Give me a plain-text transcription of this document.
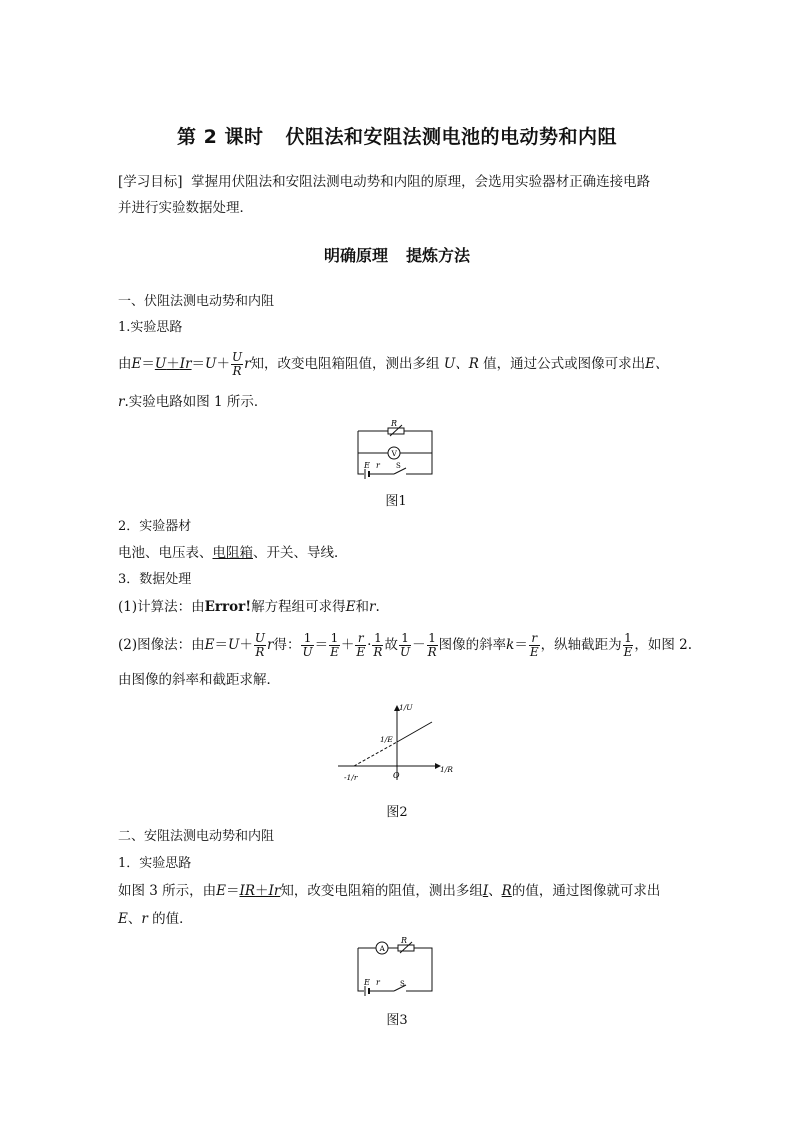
第 2 课时 伏阻法和安阻法测电池的电动势和内阻
[学习目标] 掌握用伏阻法和安阻法测电动势和内阻的原理，会选用实验器材正确连接电路
并进行实验数据处理．
明确原理 提炼方法
一、伏阻法测电动势和内阻
1.实验思路
由$E=U+Ir=U+ \frac{U}{R}$ r知，改变电阻箱阻值，测出多组 U、R 值，通过公式或图像可求出E、
r.实验电路如图 1 所示．
R
V
E r S
图1
2．实验器材
电池、电压表、电阻箱、开关、导线．
3．数据处理
(1)计算法：由Error!解方程组可求得E和r.
(2)图像法：由$E=U+ \frac{U}{R}$ r得： $\frac{1}{U} = \frac{1}{E} + \frac{r}{E} \cdot \frac{1}{R}$ 故 $\frac{1}{U} - \frac{1}{R}$ 图像的斜率$k= \frac{r}{E}$ ，纵轴截距为 $\frac{1}{E}$ ，如图 2.
由图像的斜率和截距求解．
O
1/R
1/U
1/E
-1/r
图2
二、安阻法测电动势和内阻
1．实验思路
如图 3 所示，由E＝IR＋Ir知，改变电阻箱的阻值，测出多组I、R的值，通过图像就可求出
E、r 的值．
A
R
E r	S
图3
